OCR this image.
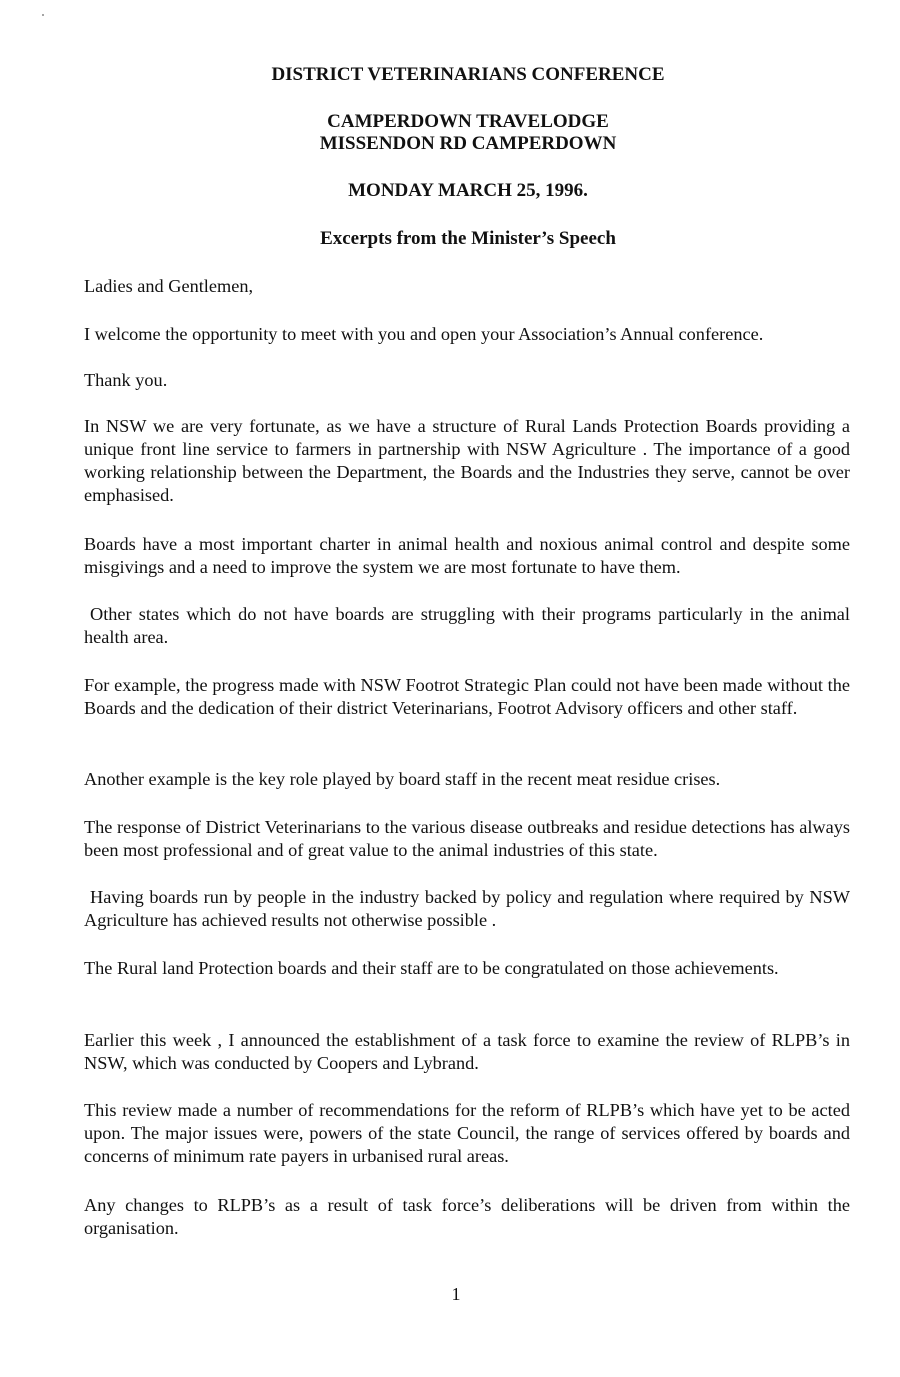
DISTRICT VETERINARIANS CONFERENCE
CAMPERDOWN TRAVELODGE
MISSENDON RD CAMPERDOWN
MONDAY MARCH 25, 1996.
Excerpts from the Minister’s Speech

Ladies and Gentlemen,

I welcome the opportunity to meet with you and open your Association’s Annual conference.

Thank you.

In NSW we are very fortunate, as we have a structure of Rural Lands Protection Boards providing a unique front line service to farmers in partnership with NSW Agriculture . The importance of a good working relationship between the Department, the Boards and the Industries they serve, cannot be over emphasised.

Boards have a most important charter in animal health and noxious animal control and despite some misgivings and a need to improve the system we are most fortunate to have them.

Other states which do not have boards are struggling with their programs particularly in the animal health area.

For example, the progress made with NSW Footrot Strategic Plan could not have been made without the Boards and the dedication of their district Veterinarians, Footrot Advisory officers and other staff.

Another example is the key role played by board staff in the recent meat residue crises.

The response of District Veterinarians to the various disease outbreaks and residue detections has always been most professional and of great value to the animal industries of this state.

Having boards run by people in the industry backed by policy and regulation where required by NSW Agriculture has achieved results not otherwise possible .

The Rural land Protection boards and their staff are to be congratulated on those achievements.

Earlier this week , I announced the establishment of a task force to examine the review of RLPB’s in NSW, which was conducted by Coopers and Lybrand.

This review made a number of recommendations for the reform of RLPB’s which have yet to be acted upon. The major issues were, powers of the state Council, the range of services offered by boards and concerns of minimum rate payers in urbanised rural areas.

Any changes to RLPB’s as a result of task force’s deliberations will be driven from within the organisation.

1
